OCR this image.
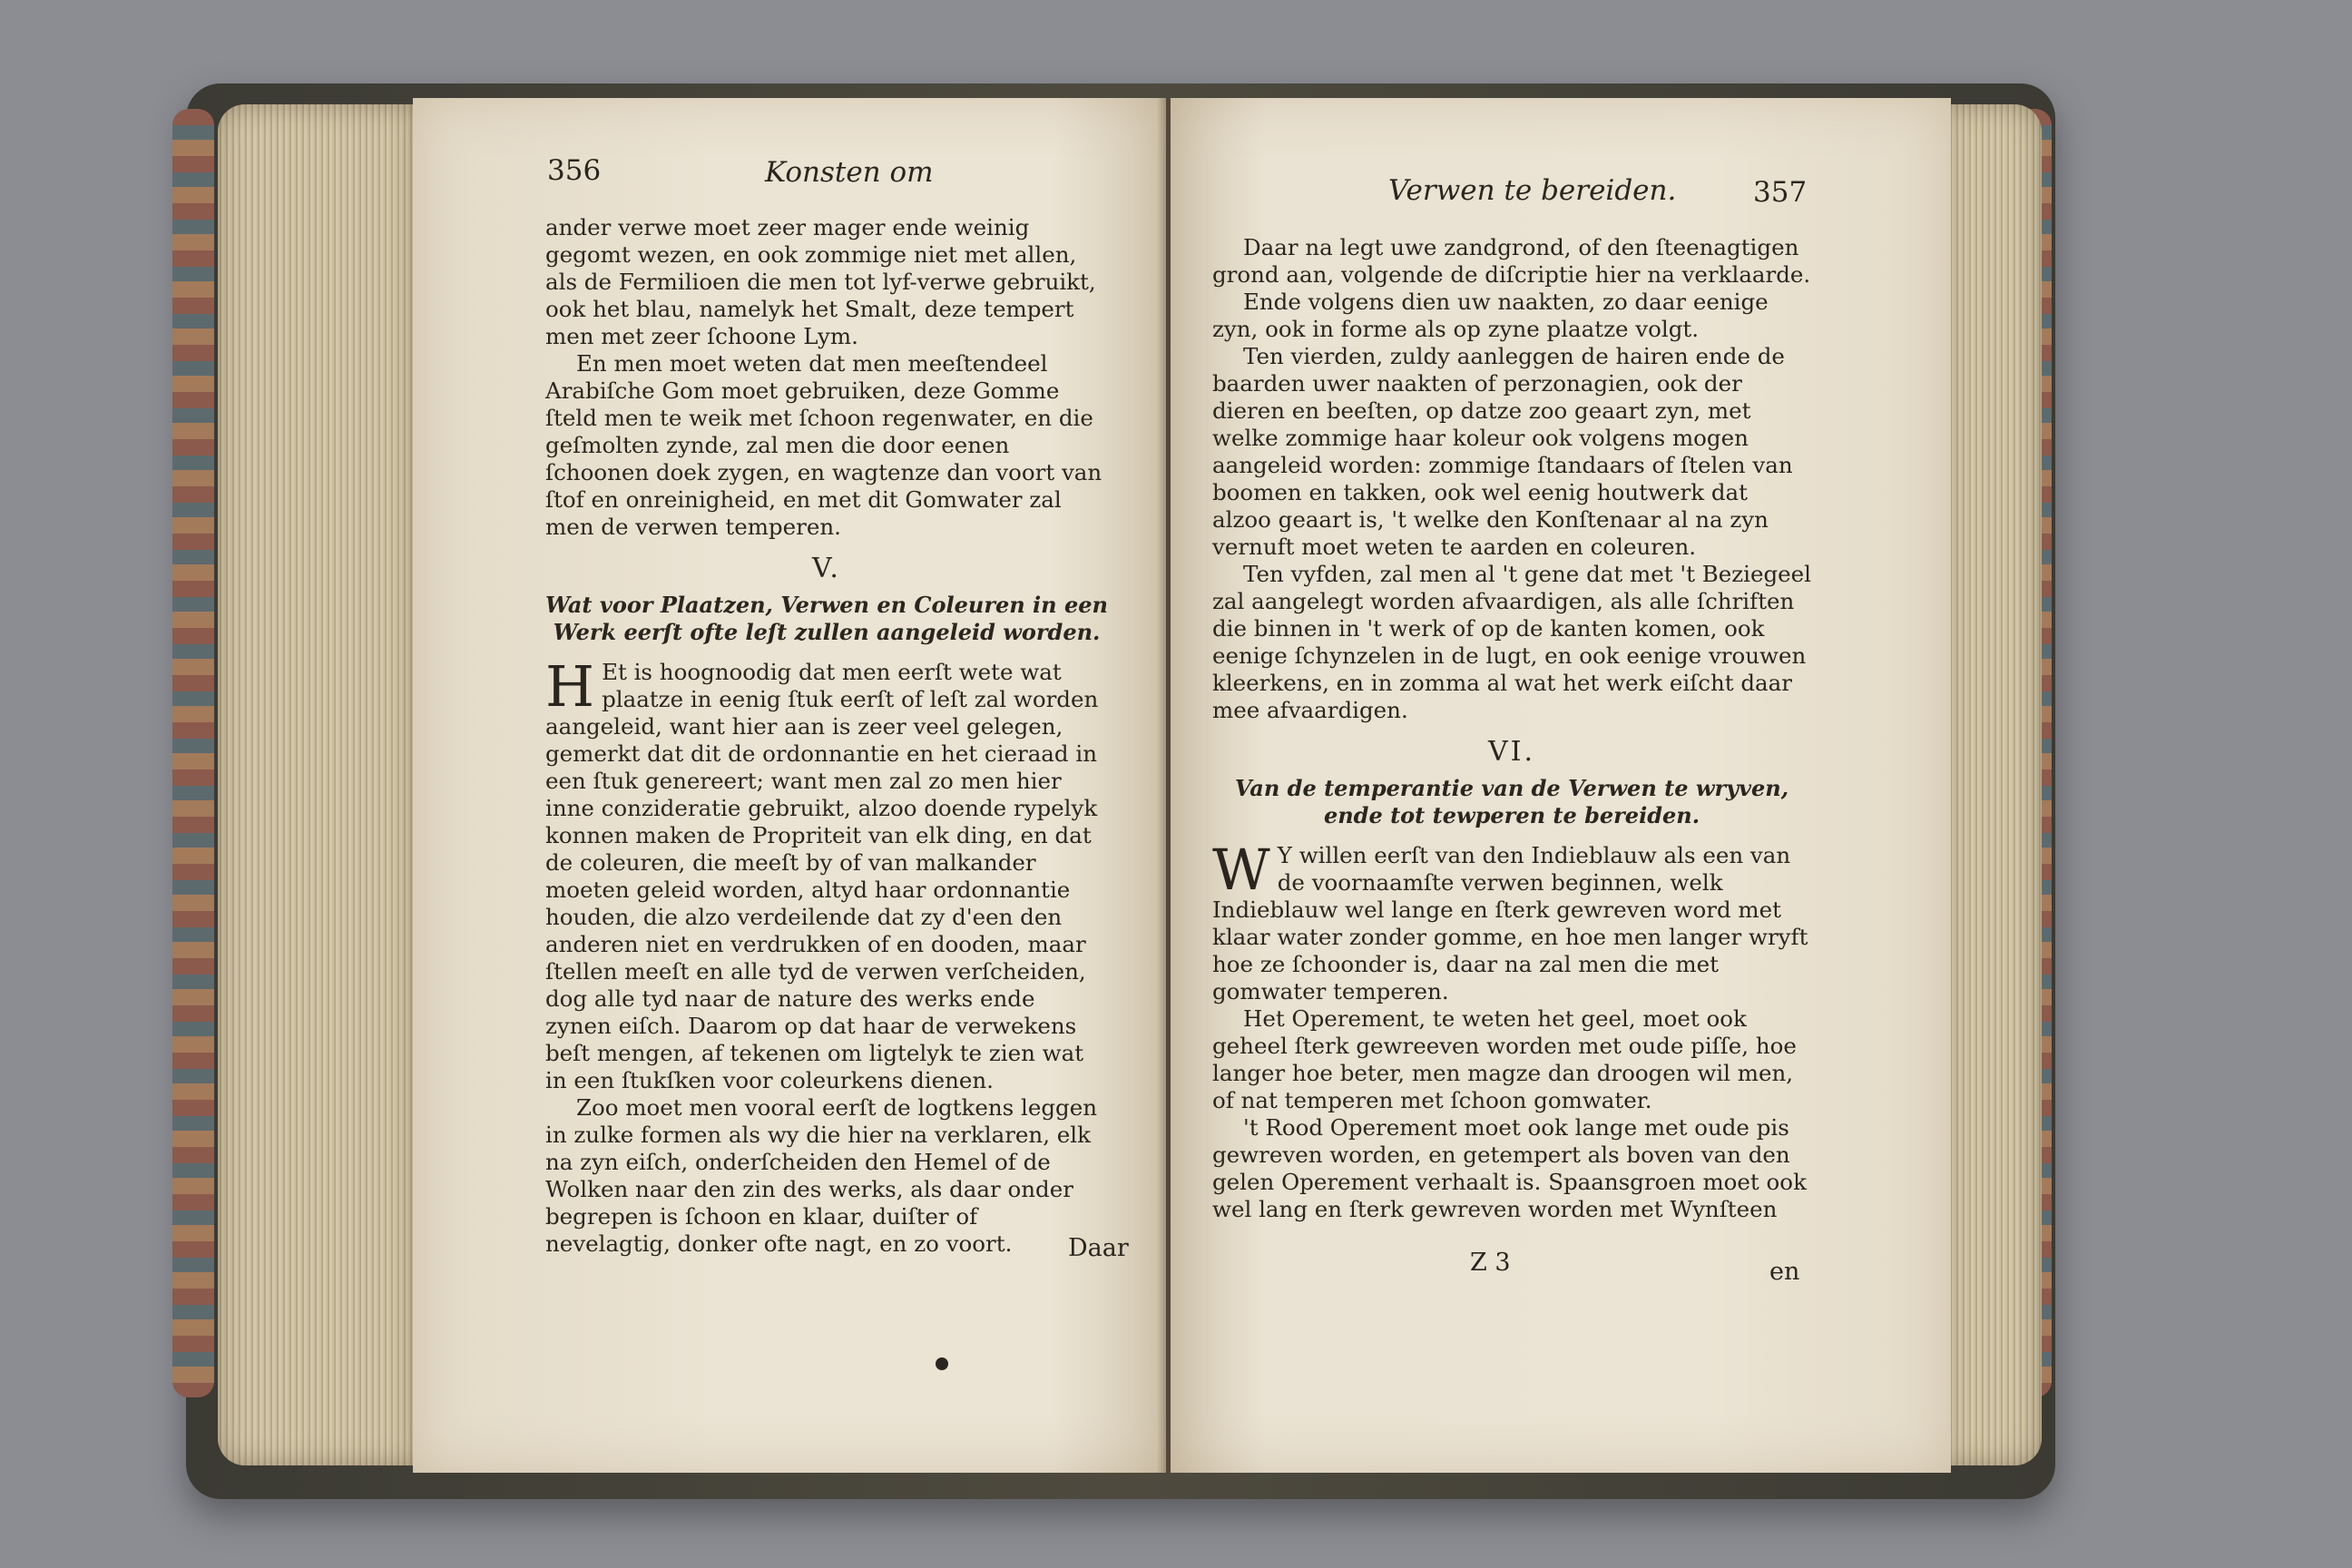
356	Konsten om

ander verwe moet zeer mager ende weinig gegomt wezen, en ook zommige niet met allen, als de Fermilioen die men tot lyf-verwe gebruikt, ook het blau, namelyk het Smalt, deze tempert men met zeer ſchoone Lym.

En men moet weten dat men meeſtendeel Arabiſche Gom moet gebruiken, deze Gomme ſteld men te weik met ſchoon regenwater, en die geſmolten zynde, zal men die door eenen ſchoonen doek zygen, en wagtenze dan voort van ſtof en onreinigheid, en met dit Gomwater zal men de verwen temperen.

V.

Wat voor Plaatzen, Verwen en Coleuren in een Werk eerſt ofte leſt zullen aangeleid worden.

H Et is hoognoodig dat men eerſt wete wat plaatze in eenig ſtuk eerſt of leſt zal worden aangeleid, want hier aan is zeer veel gelegen, gemerkt dat dit de ordonnantie en het cieraad in een ſtuk genereert; want men zal zo men hier inne conzideratie gebruikt, alzoo doende rypelyk konnen maken de Propriteit van elk ding, en dat de coleuren, die meeſt by of van malkander moeten geleid worden, altyd haar ordonnantie houden, die alzo verdeilende dat zy d'een den anderen niet en verdrukken of en dooden, maar ſtellen meeſt en alle tyd de verwen verſcheiden, dog alle tyd naar de nature des werks ende zynen eiſch. Daarom op dat haar de verwekens beſt mengen, af tekenen om ligtelyk te zien wat in een ſtukſken voor coleurkens dienen.

Zoo moet men vooral eerſt de logtkens leggen in zulke formen als wy die hier na verklaren, elk na zyn eiſch, onderſcheiden den Hemel of de Wolken naar den zin des werks, als daar onder begrepen is ſchoon en klaar, duiſter of nevelagtig, donker ofte nagt, en zo voort.	Daar
Verwen te bereiden.	357

Daar na legt uwe zandgrond, of den ſteenagtigen grond aan, volgende de diſcriptie hier na verklaarde.

Ende volgens dien uw naakten, zo daar eenige zyn, ook in forme als op zyne plaatze volgt.

Ten vierden, zuldy aanleggen de hairen ende de baarden uwer naakten of perzonagien, ook der dieren en beeſten, op datze zoo geaart zyn, met welke zommige haar koleur ook volgens mogen aangeleid worden: zommige ſtandaars of ſtelen van boomen en takken, ook wel eenig houtwerk dat alzoo geaart is, 't welke den Konſtenaar al na zyn vernuft moet weten te aarden en coleuren.

Ten vyfden, zal men al 't gene dat met 't Beziegeel zal aangelegt worden afvaardigen, als alle ſchriften die binnen in 't werk of op de kanten komen, ook eenige ſchynzelen in de lugt, en ook eenige vrouwen kleerkens, en in zomma al wat het werk eiſcht daar mee afvaardigen.

VI.

Van de temperantie van de Verwen te wryven, ende tot tewperen te bereiden.

W Y willen eerſt van den Indieblauw als een van de voornaamſte verwen beginnen, welk Indieblauw wel lange en ſterk gewreven word met klaar water zonder gomme, en hoe men langer wryft hoe ze ſchoonder is, daar na zal men die met gomwater temperen.

Het Operement, te weten het geel, moet ook geheel ſterk gewreeven worden met oude piſſe, hoe langer hoe beter, men magze dan droogen wil men, of nat temperen met ſchoon gomwater.

't Rood Operement moet ook lange met oude pis gewreven worden, en getempert als boven van den gelen Operement verhaalt is. Spaansgroen moet ook wel lang en ſterk gewreven worden met Wynſteen

Z 3	en
